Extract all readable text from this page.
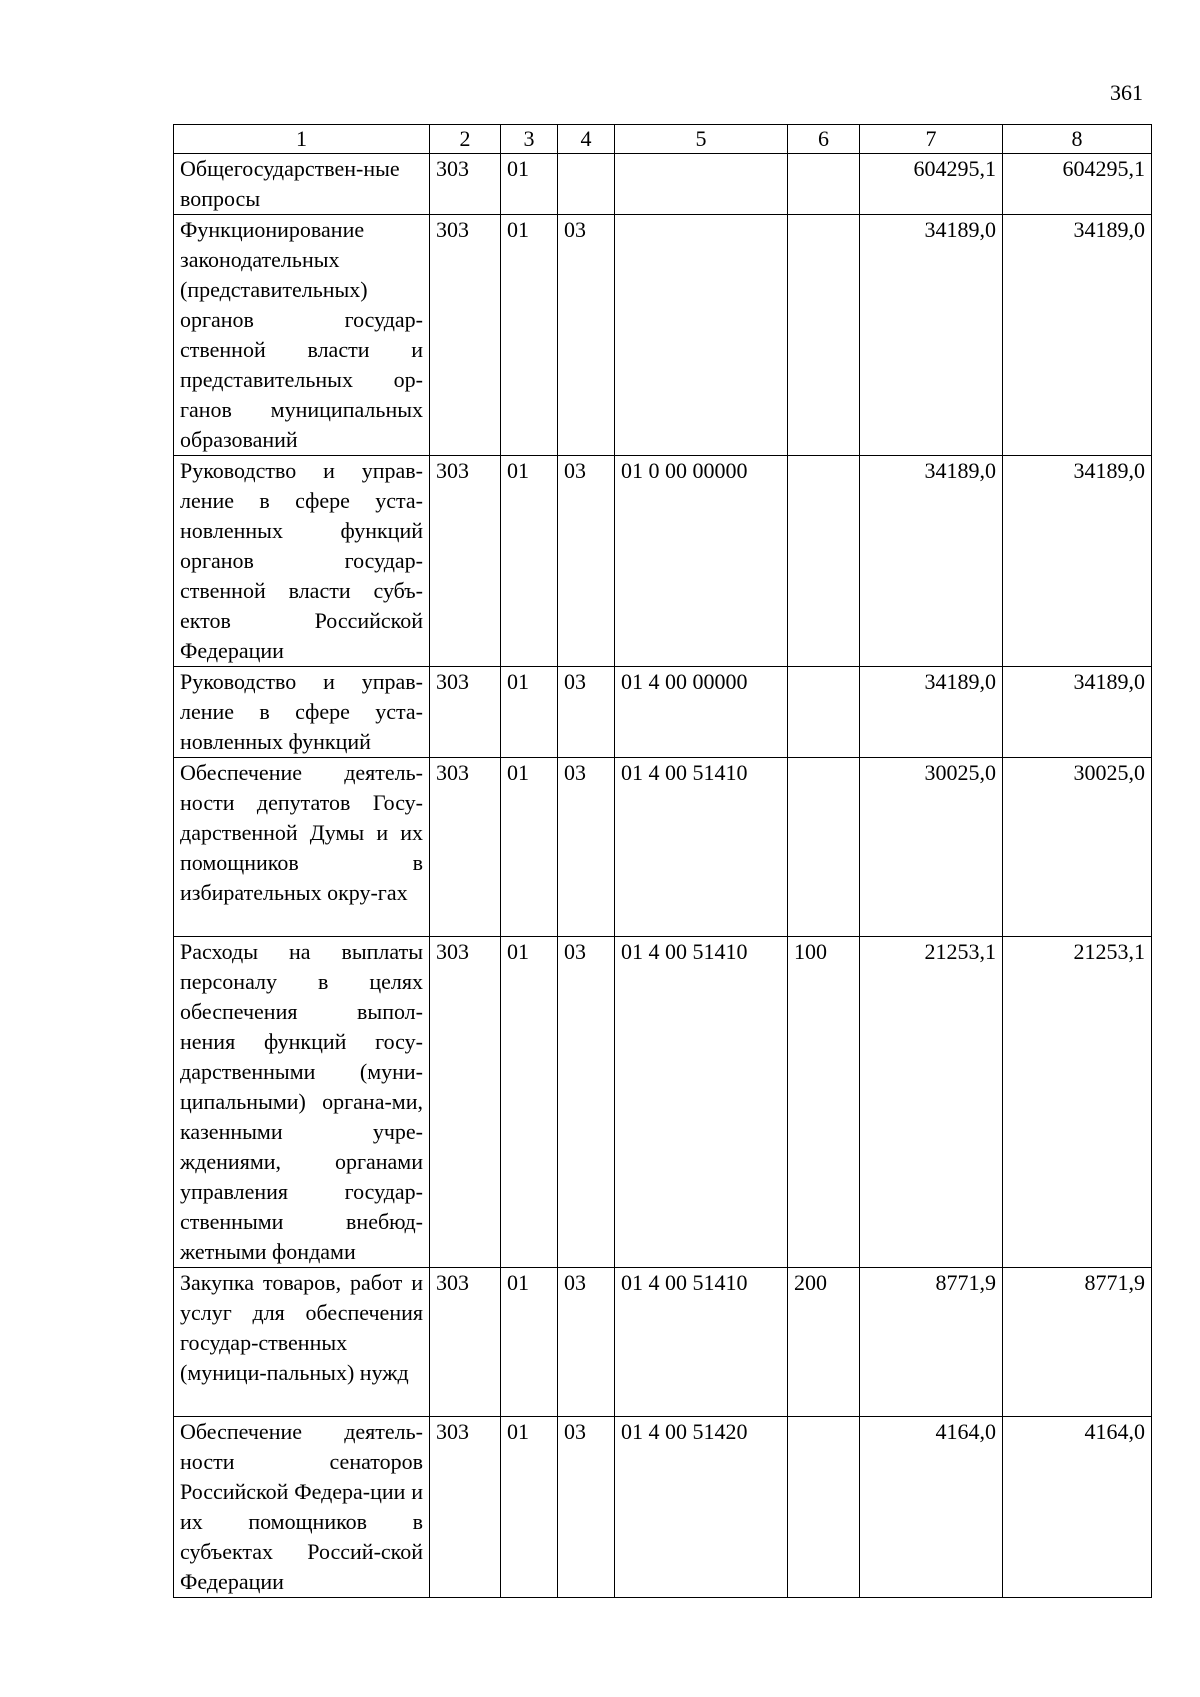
361
1	2	3	4	5	6	7	8
Общегосударствен-ные вопросы	303	01				604295,1	604295,1
Функционирование законодательных (представительных) органов государ-ственной власти и представительных ор-ганов муниципальных образований	303	01	03			34189,0	34189,0
Руководство и управ-ление в сфере уста-новленных функций органов государ-ственной власти субъ-ектов Российской Федерации	303	01	03	01 0 00 00000		34189,0	34189,0
Руководство и управ-ление в сфере уста-новленных функций	303	01	03	01 4 00 00000		34189,0	34189,0
Обеспечение деятель-ности депутатов Госу-дарственной Думы и их помощников в избирательных окру-гах	303	01	03	01 4 00 51410		30025,0	30025,0
Расходы на выплаты персоналу в целях обеспечения выпол-нения функций госу-дарственными (муни-ципальными) органа-ми, казенными учре-ждениями, органами управления государ-ственными внебюд-жетными фондами	303	01	03	01 4 00 51410	100	21253,1	21253,1
Закупка товаров, работ и услуг для обеспечения государ-ственных (муници-пальных) нужд	303	01	03	01 4 00 51410	200	8771,9	8771,9
Обеспечение деятель-ности сенаторов Российской Федера-ции и их помощников в субъектах Россий-ской Федерации	303	01	03	01 4 00 51420		4164,0	4164,0
